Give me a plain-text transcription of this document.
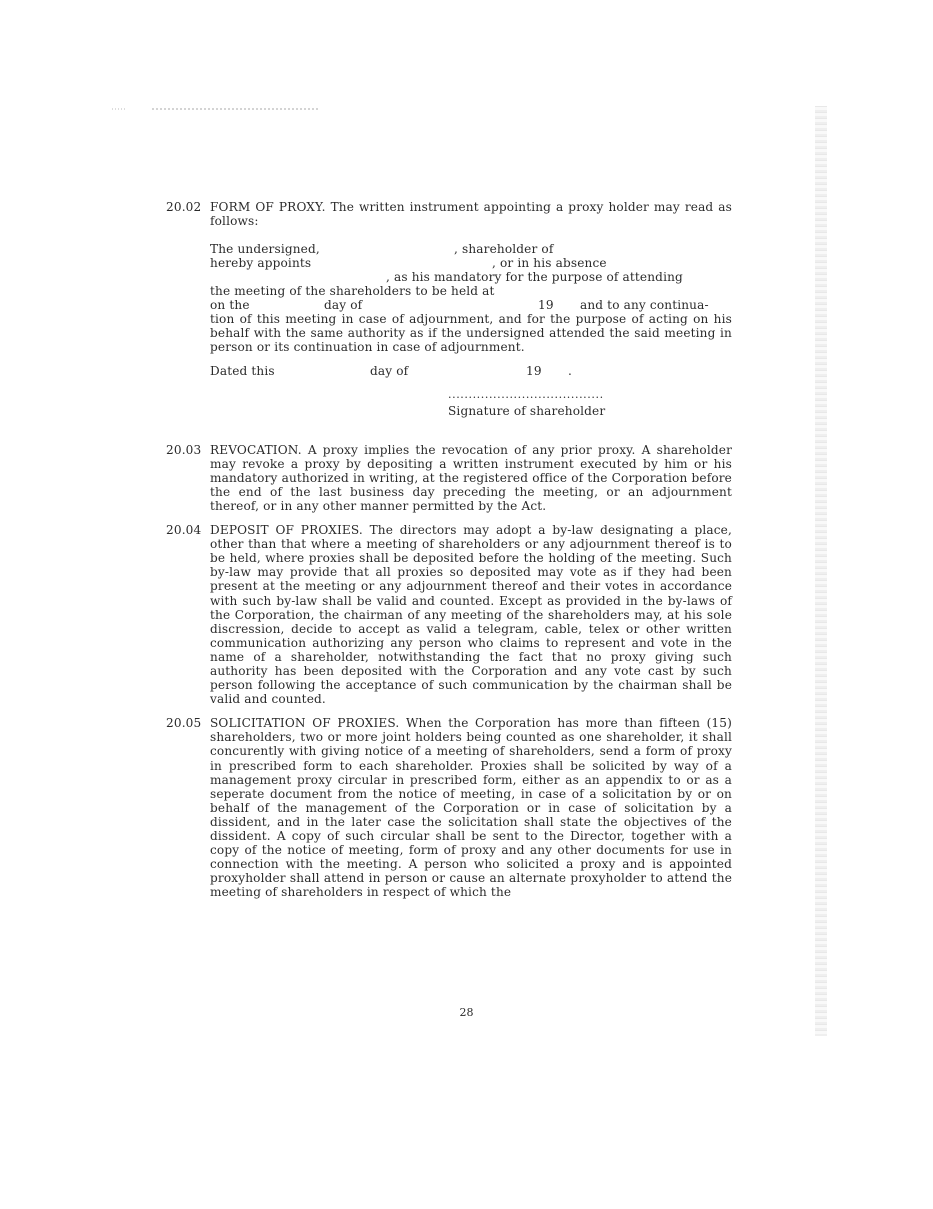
20.02 FORM OF PROXY. The written instrument appointing a proxy holder may read as follows:

The undersigned,	, shareholder of
hereby appoints	, or in his absence
, as his mandatory for the purpose of attending
the meeting of the shareholders to be held at
on the	day of	19 and to any continua-

tion of this meeting in case of adjournment, and for the purpose of acting on his behalf with the same authority as if the undersigned attended the said meeting in person or its continuation in case of adjournment.

Dated this	day of	19 .
......................................
Signature of shareholder
20.03 REVOCATION. A proxy implies the revocation of any prior proxy. A shareholder may revoke a proxy by depositing a written instrument executed by him or his mandatory authorized in writing, at the registered office of the Corporation before the end of the last business day preceding the meeting, or an adjournment thereof, or in any other manner permitted by the Act.

20.04 DEPOSIT OF PROXIES. The directors may adopt a by-law designating a place, other than that where a meeting of shareholders or any adjournment thereof is to be held, where proxies shall be deposited before the holding of the meeting. Such by-law may provide that all proxies so deposited may vote as if they had been present at the meeting or any adjournment thereof and their votes in accordance with such by-law shall be valid and counted. Except as provided in the by-laws of the Corporation, the chairman of any meeting of the shareholders may, at his sole discression, decide to accept as valid a telegram, cable, telex or other written communication authorizing any person who claims to represent and vote in the name of a shareholder, notwithstanding the fact that no proxy giving such authority has been deposited with the Corporation and any vote cast by such person following the acceptance of such communication by the chairman shall be valid and counted.

20.05 SOLICITATION OF PROXIES. When the Corporation has more than fifteen (15) shareholders, two or more joint holders being counted as one shareholder, it shall concurently with giving notice of a meeting of shareholders, send a form of proxy in prescribed form to each shareholder. Proxies shall be solicited by way of a management proxy circular in prescribed form, either as an appendix to or as a seperate document from the notice of meeting, in case of a solicitation by or on behalf of the management of the Corporation or in case of solicitation by a dissident, and in the later case the solicitation shall state the objectives of the dissident. A copy of such circular shall be sent to the Director, together with a copy of the notice of meeting, form of proxy and any other documents for use in connection with the meeting. A person who solicited a proxy and is appointed proxyholder shall attend in person or cause an alternate proxyholder to attend the meeting of shareholders in respect of which the

28
